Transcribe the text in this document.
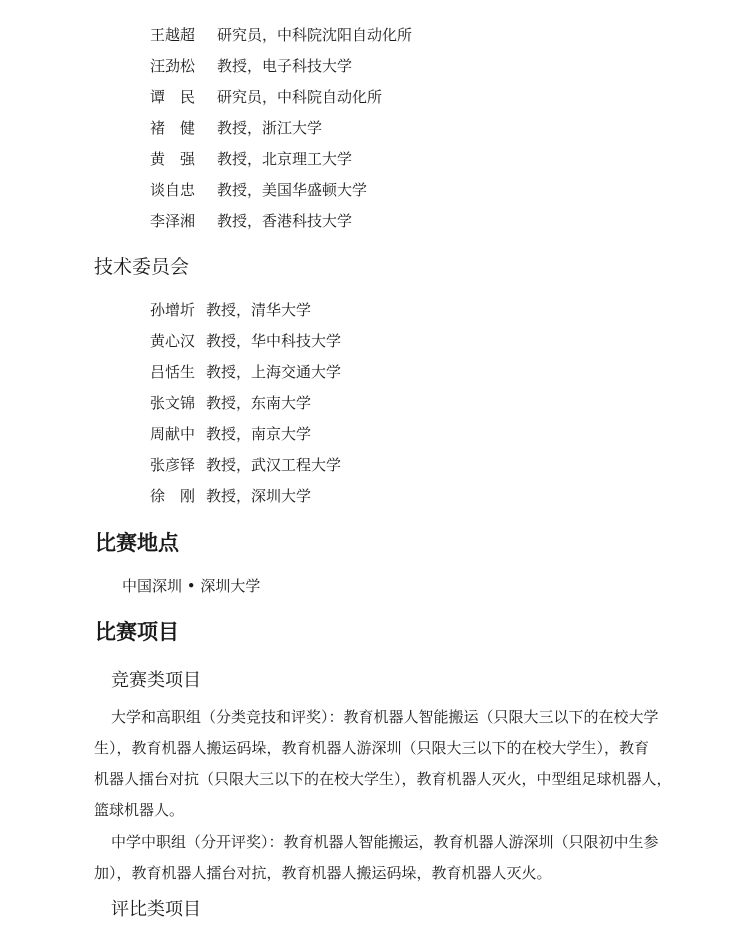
王越超 研究员，中科院沈阳自动化所
汪劲松 教授，电子科技大学
谭　民 研究员，中科院自动化所
褚　健 教授，浙江大学
黄　强 教授，北京理工大学
谈自忠 教授，美国华盛顿大学
李泽湘 教授，香港科技大学
技术委员会
孙增圻 教授，清华大学
黄心汉 教授，华中科技大学
吕恬生 教授，上海交通大学
张文锦 教授，东南大学
周献中 教授，南京大学
张彦铎 教授，武汉工程大学
徐　刚 教授，深圳大学
比赛地点
中国深圳 • 深圳大学
比赛项目
竞赛类项目
大学和高职组（分类竞技和评奖）：教育机器人智能搬运（只限大三以下的在校大学
生），教育机器人搬运码垛，教育机器人游深圳（只限大三以下的在校大学生），教育
机器人擂台对抗（只限大三以下的在校大学生），教育机器人灭火，中型组足球机器人，
篮球机器人。
中学中职组（分开评奖）：教育机器人智能搬运，教育机器人游深圳（只限初中生参
加），教育机器人擂台对抗，教育机器人搬运码垛，教育机器人灭火。
评比类项目
